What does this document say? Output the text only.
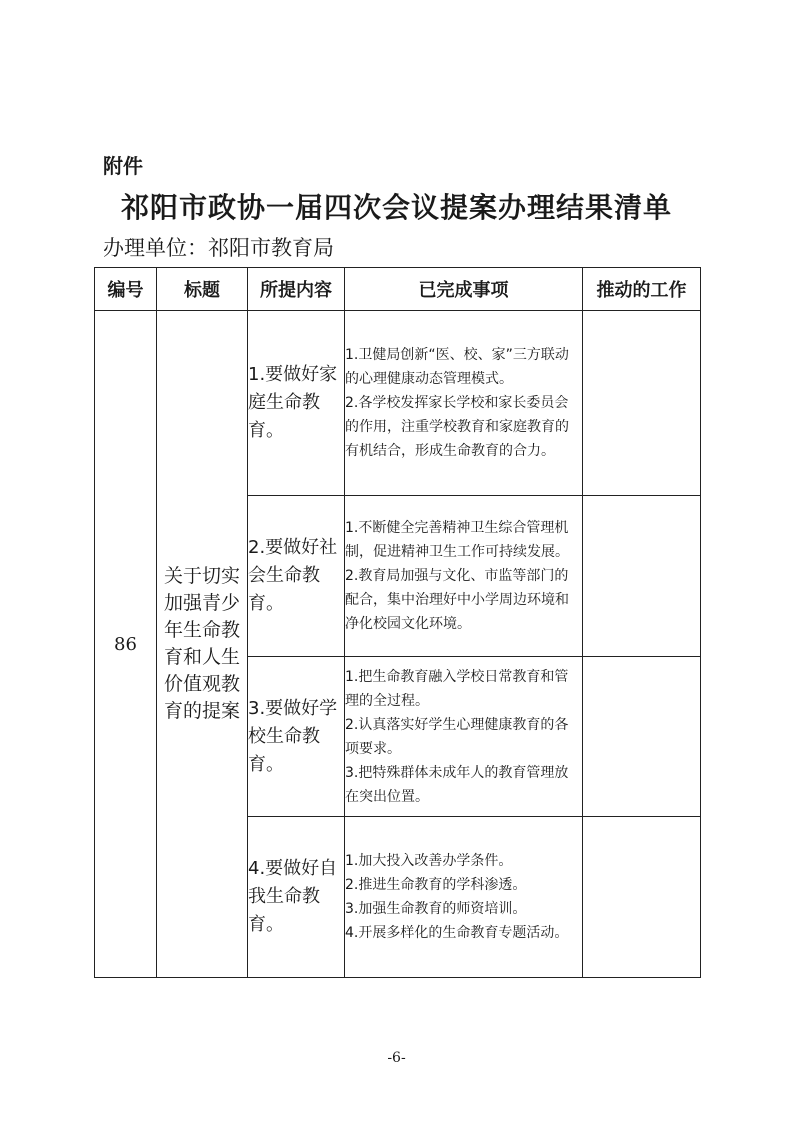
附件
祁阳市政协一届四次会议提案办理结果清单
办理单位：祁阳市教育局
编号	标题	所提内容	已完成事项	推动的工作
86	关于切实加强青少年生命教育和人生价值观教育的提案	1.要做好家庭生命教育。	1.卫健局创新“医、校、家”三方联动的心理健康动态管理模式。
2.各学校发挥家长学校和家长委员会的作用，注重学校教育和家庭教育的有机结合，形成生命教育的合力。	

		2.要做好社会生命教育。	1.不断健全完善精神卫生综合管理机制，促进精神卫生工作可持续发展。
2.教育局加强与文化、市监等部门的配合，集中治理好中小学周边环境和净化校园文化环境。	

		3.要做好学校生命教育。	1.把生命教育融入学校日常教育和管理的全过程。
2.认真落实好学生心理健康教育的各项要求。
3.把特殊群体未成年人的教育管理放在突出位置。	

		4.要做好自我生命教育。	1.加大投入改善办学条件。
2.推进生命教育的学科渗透。
3.加强生命教育的师资培训。
4.开展多样化的生命教育专题活动。	

-6-
